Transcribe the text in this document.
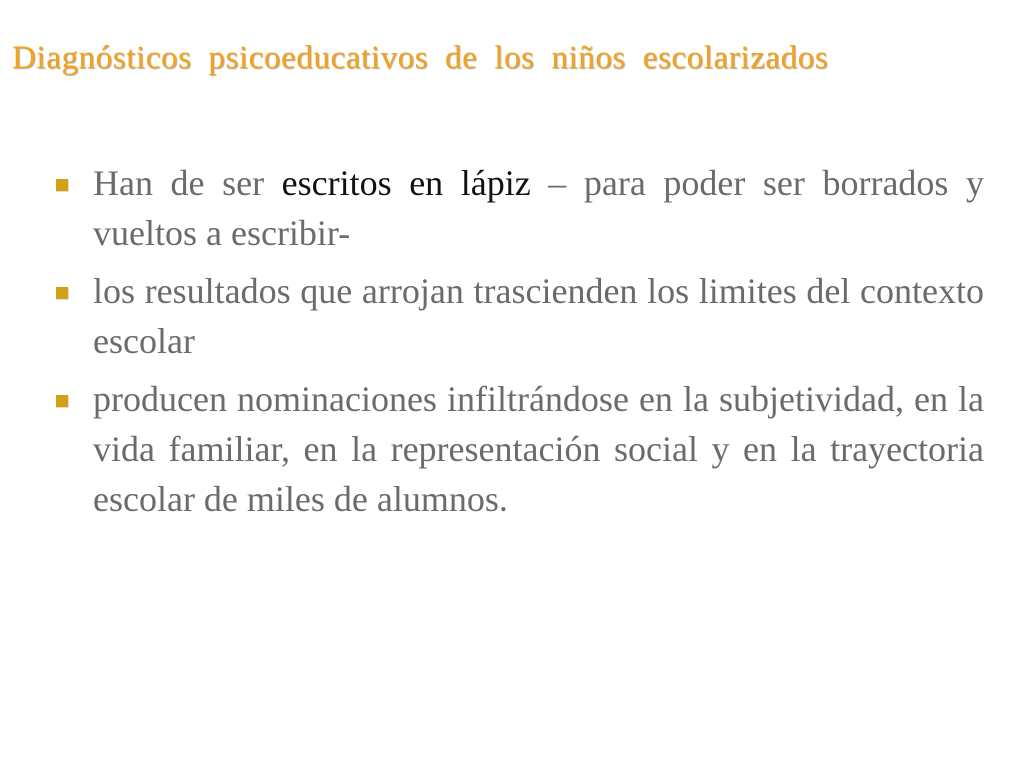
Diagnósticos psicoeducativos de los niños escolarizados
Han de ser escritos en lápiz – para poder ser borrados y vueltos a escribir-
los resultados que arrojan trascienden los limites del contexto escolar
producen nominaciones infiltrándose en la subjetividad, en la vida familiar, en la representación social y en la trayectoria escolar de miles de alumnos.
